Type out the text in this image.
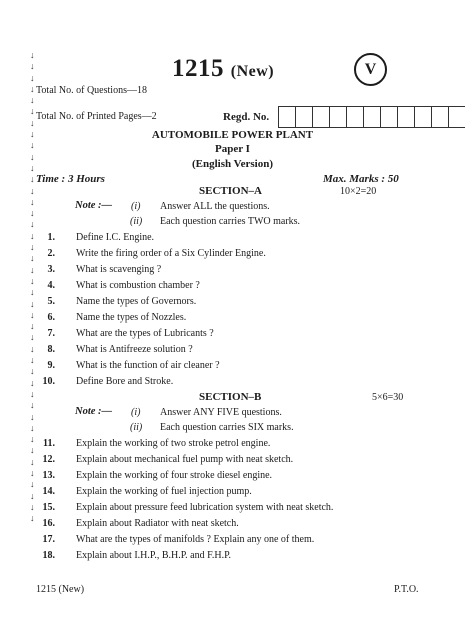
↓
↓
↓
↓
↓
↓
↓
↓
↓
↓
↓
↓
↓
↓
↓
↓
↓
↓
↓
↓
↓
↓
↓
↓
↓
↓
↓
↓
↓
↓
↓
↓
↓
↓
↓
↓
↓
↓
↓
↓
↓
↓
1215 (New)	V
Total No. of Questions—18
Total No. of Printed Pages—2	Regd. No.
AUTOMOBILE POWER PLANT
Paper I
(English Version)
Time : 3 Hours	Max. Marks : 50
SECTION–A	10×2=20
Note :— (i) Answer ALL the questions.
(ii) Each question carries TWO marks.
1. Define I.C. Engine.
2. Write the firing order of a Six Cylinder Engine.
3. What is scavenging ?
4. What is combustion chamber ?
5. Name the types of Governors.
6. Name the types of Nozzles.
7. What are the types of Lubricants ?
8. What is Antifreeze solution ?
9. What is the function of air cleaner ?
10. Define Bore and Stroke.
SECTION–B	5×6=30
Note :— (i) Answer ANY FIVE questions.
(ii) Each question carries SIX marks.
11. Explain the working of two stroke petrol engine.
12. Explain about mechanical fuel pump with neat sketch.
13. Explain the working of four stroke diesel engine.
14. Explain the working of fuel injection pump.
15. Explain about pressure feed lubrication system with neat sketch.
16. Explain about Radiator with neat sketch.
17. What are the types of manifolds ? Explain any one of them.
18. Explain about I.H.P., B.H.P. and F.H.P.
1215 (New)	P.T.O.
